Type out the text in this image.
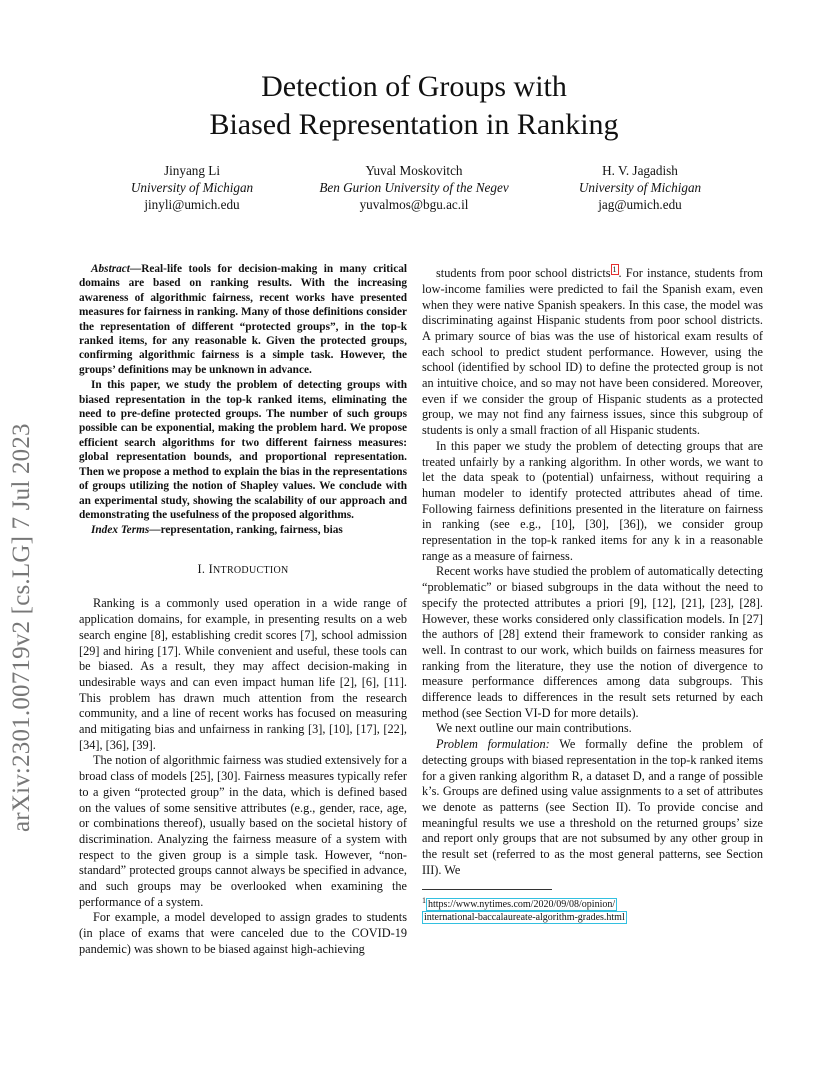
Detection of Groups with
Biased Representation in Ranking
Jinyang Li
University of Michigan
jinyli@umich.edu
Yuval Moskovitch
Ben Gurion University of the Negev
yuvalmos@bgu.ac.il
H. V. Jagadish
University of Michigan
jag@umich.edu
arXiv:2301.00719v2 [cs.LG] 7 Jul 2023
Abstract—Real-life tools for decision-making in many critical domains are based on ranking results. With the increasing awareness of algorithmic fairness, recent works have presented measures for fairness in ranking. Many of those definitions consider the representation of different “protected groups”, in the top-k ranked items, for any reasonable k. Given the protected groups, confirming algorithmic fairness is a simple task. However, the groups’ definitions may be unknown in advance.
In this paper, we study the problem of detecting groups with biased representation in the top-k ranked items, eliminating the need to pre-define protected groups. The number of such groups possible can be exponential, making the problem hard. We propose efficient search algorithms for two different fairness measures: global representation bounds, and proportional representation. Then we propose a method to explain the bias in the representations of groups utilizing the notion of Shapley values. We conclude with an experimental study, showing the scalability of our approach and demonstrating the usefulness of the proposed algorithms.
Index Terms—representation, ranking, fairness, bias
I. INTRODUCTION

Ranking is a commonly used operation in a wide range of application domains, for example, in presenting results on a web search engine [8], establishing credit scores [7], school admission [29] and hiring [17]. While convenient and useful, these tools can be biased. As a result, they may affect decision-making in undesirable ways and can even impact human life [2], [6], [11]. This problem has drawn much attention from the research community, and a line of recent works has focused on measuring and mitigating bias and unfairness in ranking [3], [10], [17], [22], [34], [36], [39].

The notion of algorithmic fairness was studied extensively for a broad class of models [25], [30]. Fairness measures typically refer to a given “protected group” in the data, which is defined based on the values of some sensitive attributes (e.g., gender, race, age, or combinations thereof), usually based on the societal history of discrimination. Analyzing the fairness measure of a system with respect to the given group is a simple task. However, “non-standard” protected groups cannot always be specified in advance, and such groups may be overlooked when examining the performance of a system.

For example, a model developed to assign grades to students (in place of exams that were canceled due to the COVID-19 pandemic) was shown to be biased against high-achieving

students from poor school districts $^1$ . For instance, students from low-income families were predicted to fail the Spanish exam, even when they were native Spanish speakers. In this case, the model was discriminating against Hispanic students from poor school districts. A primary source of bias was the use of historical exam results of each school to predict student performance. However, using the school (identified by school ID) to define the protected group is not an intuitive choice, and so may not have been considered. Moreover, even if we consider the group of Hispanic students as a protected group, we may not find any fairness issues, since this subgroup of students is only a small fraction of all Hispanic students.

In this paper we study the problem of detecting groups that are treated unfairly by a ranking algorithm. In other words, we want to let the data speak to (potential) unfairness, without requiring a human modeler to identify protected attributes ahead of time. Following fairness definitions presented in the literature on fairness in ranking (see e.g., [10], [30], [36]), we consider group representation in the top-k ranked items for any k in a reasonable range as a measure of fairness.

Recent works have studied the problem of automatically detecting “problematic” or biased subgroups in the data without the need to specify the protected attributes a priori [9], [12], [21], [23], [28]. However, these works considered only classification models. In [27] the authors of [28] extend their framework to consider ranking as well. In contrast to our work, which builds on fairness measures for ranking from the literature, they use the notion of divergence to measure performance differences among data subgroups. This difference leads to differences in the result sets returned by each method (see Section VI-D for more details).

We next outline our main contributions.

Problem formulation: We formally define the problem of detecting groups with biased representation in the top-k ranked items for a given ranking algorithm R, a dataset D, and a range of possible k’s. Groups are defined using value assignments to a set of attributes we denote as patterns (see Section II). To provide concise and meaningful results we use a threshold on the returned groups’ size and report only groups that are not subsumed by any other group in the result set (referred to as the most general patterns, see Section III). We

$^1$ https://www.nytimes.com/2020/09/08/opinion/
international-baccalaureate-algorithm-grades.html
